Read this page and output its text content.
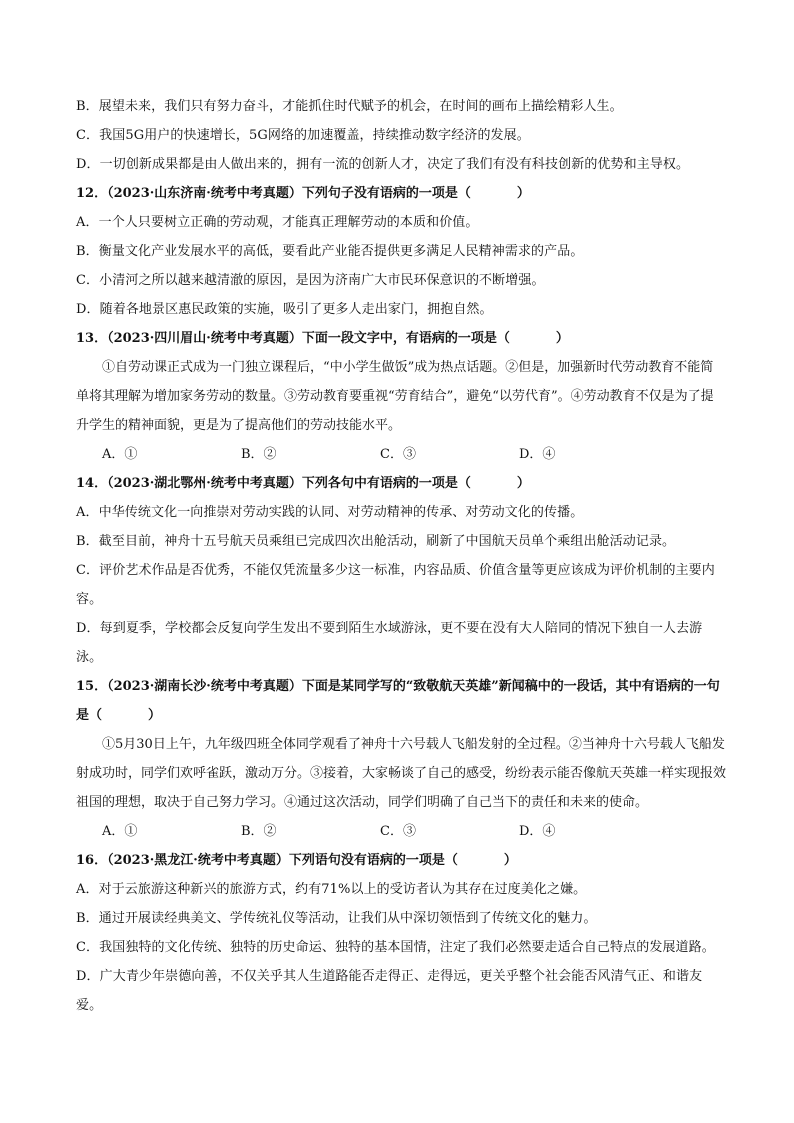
B．展望未来，我们只有努力奋斗，才能抓住时代赋予的机会，在时间的画布上描绘精彩人生。
C．我国5G用户的快速增长，5G网络的加速覆盖，持续推动数字经济的发展。
D．一切创新成果都是由人做出来的，拥有一流的创新人才，决定了我们有没有科技创新的优势和主导权。
12．（2023·山东济南·统考中考真题）下列句子没有语病的一项是（	）
A．一个人只要树立正确的劳动观，才能真正理解劳动的本质和价值。
B．衡量文化产业发展水平的高低，要看此产业能否提供更多满足人民精神需求的产品。
C．小清河之所以越来越清澈的原因，是因为济南广大市民环保意识的不断增强。
D．随着各地景区惠民政策的实施，吸引了更多人走出家门，拥抱自然。
13．（2023·四川眉山·统考中考真题）下面一段文字中，有语病的一项是（	）
①自劳动课正式成为一门独立课程后，“中小学生做饭”成为热点话题。②但是，加强新时代劳动教育不能简单将其理解为增加家务劳动的数量。③劳动教育要重视“劳育结合”，避免“以劳代育”。④劳动教育不仅是为了提升学生的精神面貌，更是为了提高他们的劳动技能水平。
A．①	B．②	C．③	D．④
14．（2023·湖北鄂州·统考中考真题）下列各句中有语病的一项是（	）
A．中华传统文化一向推崇对劳动实践的认同、对劳动精神的传承、对劳动文化的传播。
B．截至目前，神舟十五号航天员乘组已完成四次出舱活动，刷新了中国航天员单个乘组出舱活动记录。
C．评价艺术作品是否优秀，不能仅凭流量多少这一标准，内容品质、价值含量等更应该成为评价机制的主要内容。
D．每到夏季，学校都会反复向学生发出不要到陌生水域游泳，更不要在没有大人陪同的情况下独自一人去游泳。
15．（2023·湖南长沙·统考中考真题）下面是某同学写的“致敬航天英雄”新闻稿中的一段话，其中有语病的一句是（	）
①5月30日上午，九年级四班全体同学观看了神舟十六号载人飞船发射的全过程。②当神舟十六号载人飞船发射成功时，同学们欢呼雀跃，激动万分。③接着，大家畅谈了自己的感受，纷纷表示能否像航天英雄一样实现报效祖国的理想，取决于自己努力学习。④通过这次活动，同学们明确了自己当下的责任和未来的使命。
A．①	B．②	C．③	D．④
16．（2023·黑龙江·统考中考真题）下列语句没有语病的一项是（	）
A．对于云旅游这种新兴的旅游方式，约有71%以上的受访者认为其存在过度美化之嫌。
B．通过开展读经典美文、学传统礼仪等活动，让我们从中深切领悟到了传统文化的魅力。
C．我国独特的文化传统、独特的历史命运、独特的基本国情，注定了我们必然要走适合自己特点的发展道路。
D．广大青少年崇德向善，不仅关乎其人生道路能否走得正、走得远，更关乎整个社会能否风清气正、和谐友爱。
